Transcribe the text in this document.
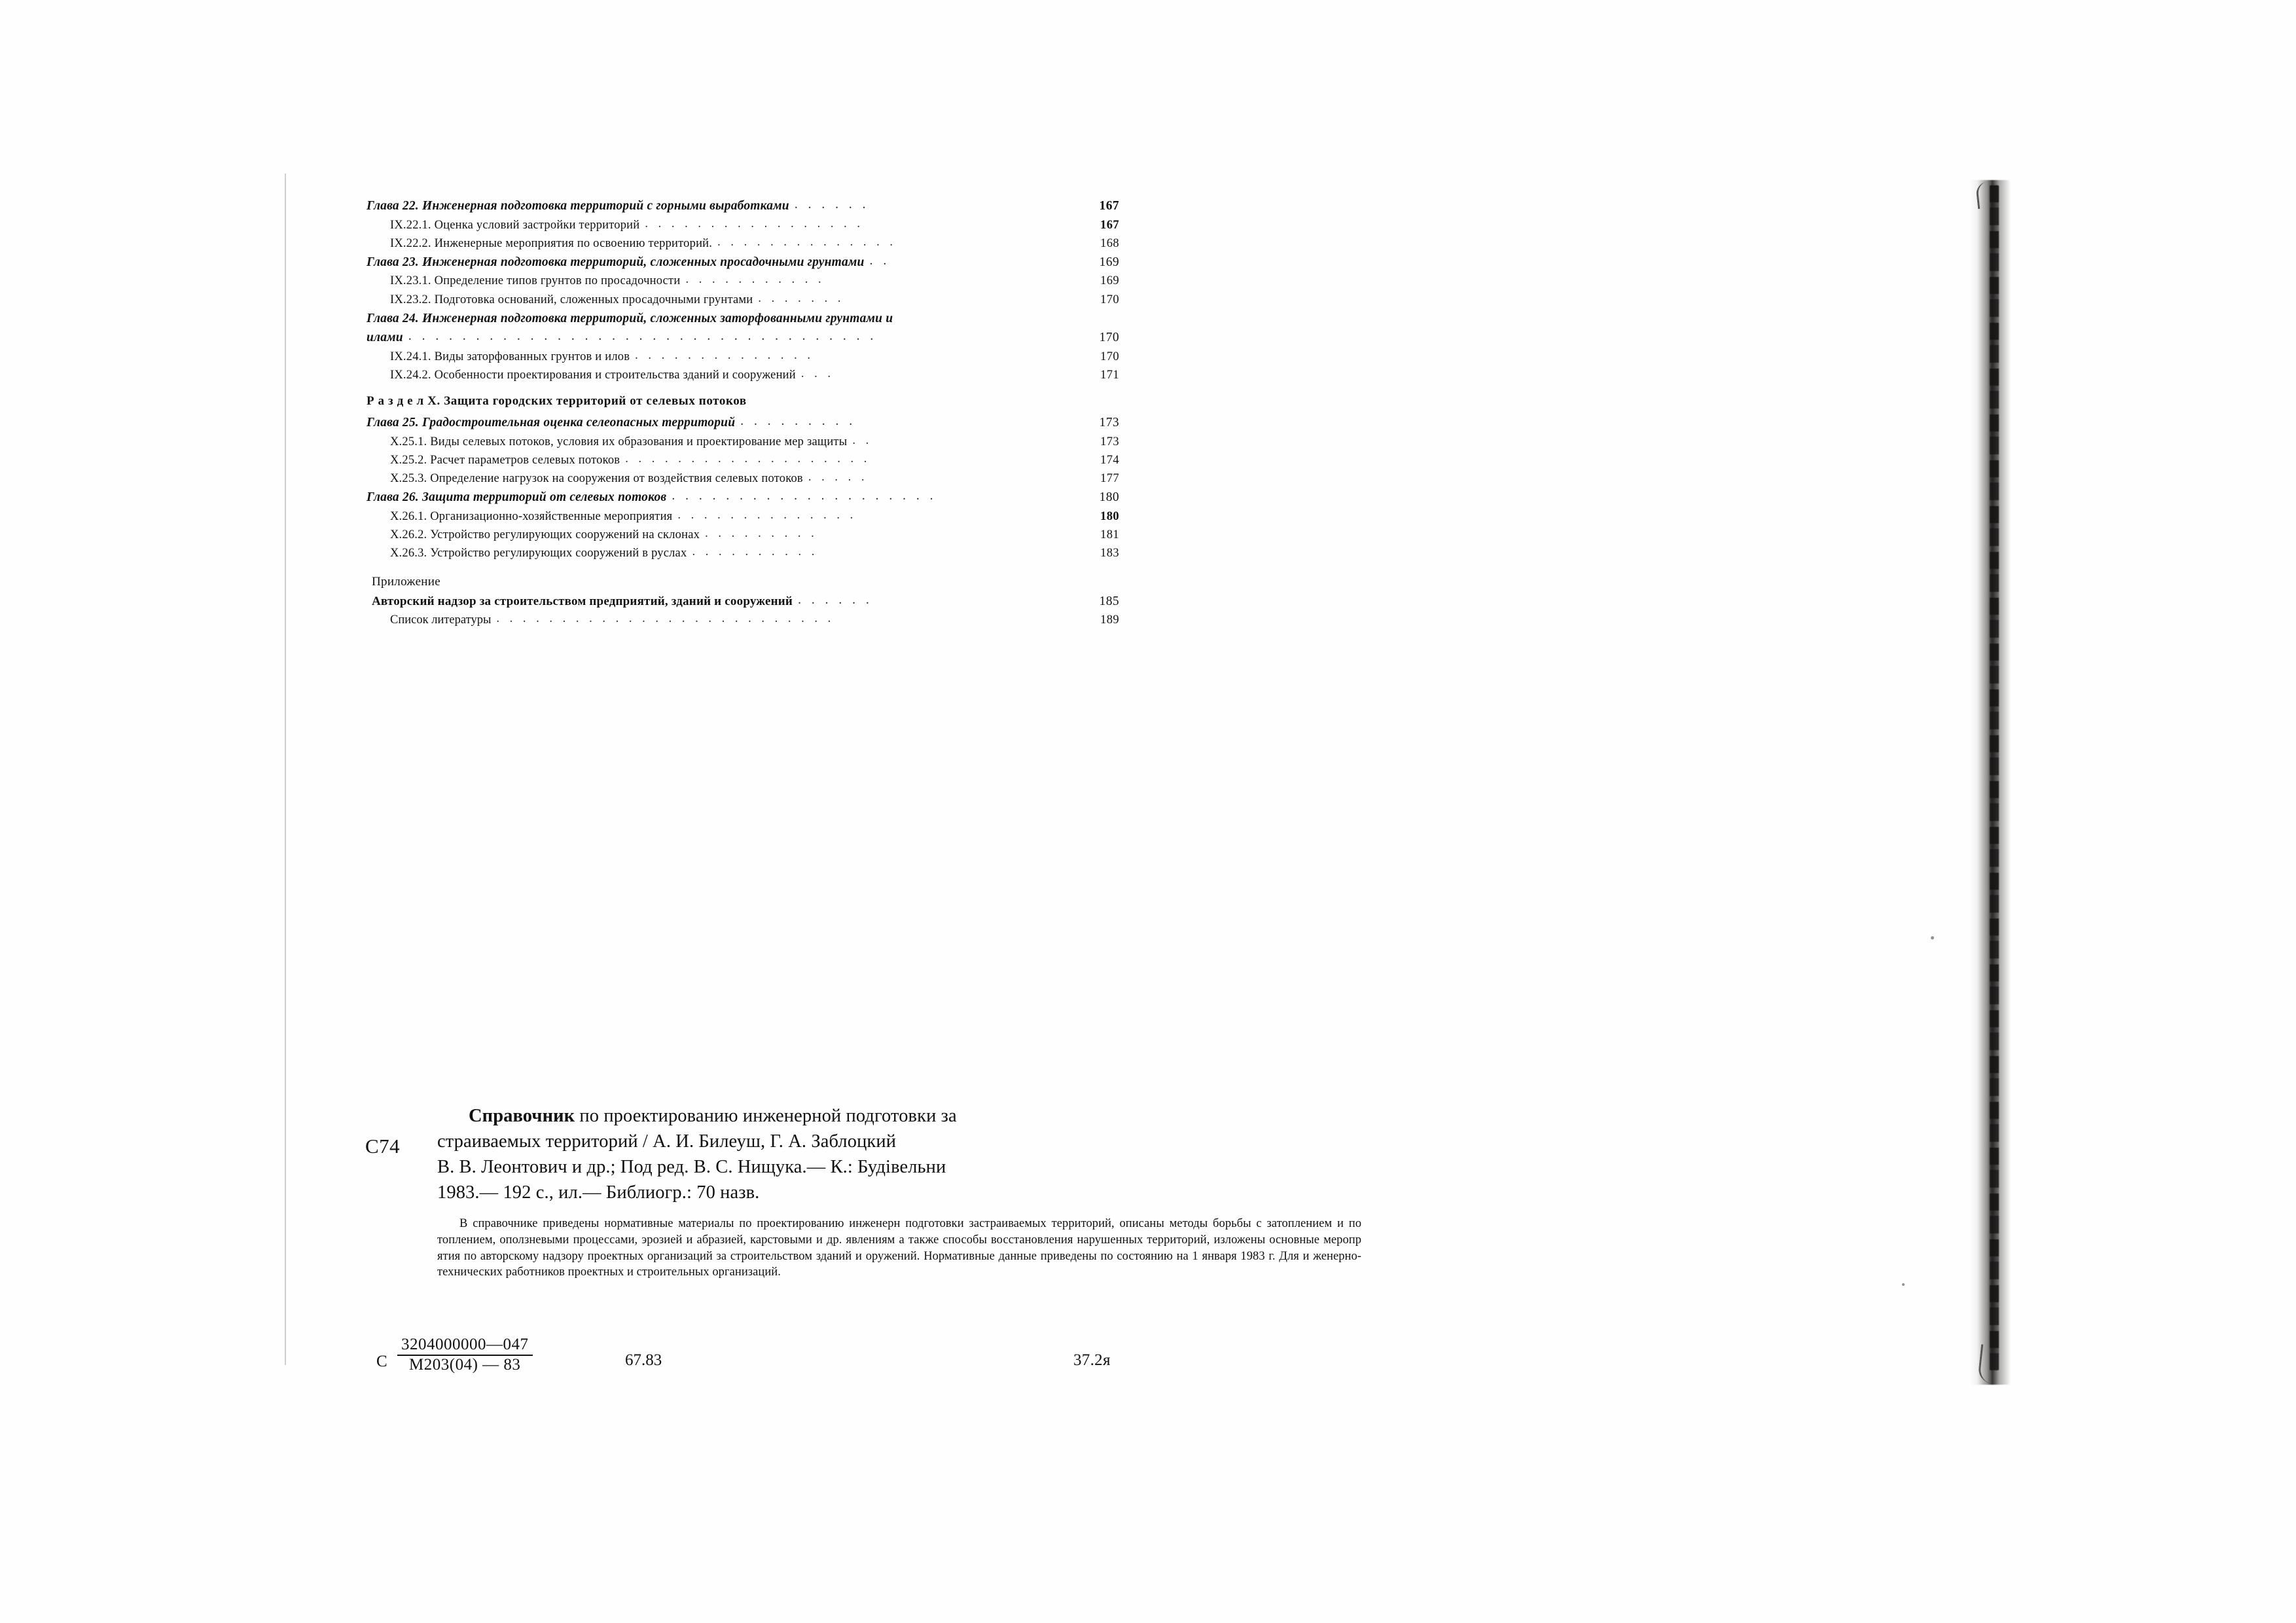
Глава 22. Инженерная подготовка территорий с горными выработками . . . . . .	167
IX.22.1. Оценка условий застройки территорий . . . . . . . . . . . . . . . . .	167
IX.22.2. Инженерные мероприятия по освоению территорий. . . . . . . . . . . . . . .	168
Глава 23. Инженерная подготовка территорий, сложенных просадочными грунтами . .	169
IX.23.1. Определение типов грунтов по просадочности . . . . . . . . . . .	169
IX.23.2. Подготовка оснований, сложенных просадочными грунтами . . . . . . .	170
Глава 24. Инженерная подготовка территорий, сложенных заторфованными грунтами и
илами . . . . . . . . . . . . . . . . . . . . . . . . . . . . . . . . . . .	170
IX.24.1. Виды заторфованных грунтов и илов . . . . . . . . . . . . . .	170
IX.24.2. Особенности проектирования и строительства зданий и сооружений . . .	171
Р а з д е л X. Защита городских территорий от селевых потоков
Глава 25. Градостроительная оценка селеопасных территорий . . . . . . . . .	173
X.25.1. Виды селевых потоков, условия их образования и проектирование мер защиты . .	173
X.25.2. Расчет параметров селевых потоков . . . . . . . . . . . . . . . . . . .	174
X.25.3. Определение нагрузок на сооружения от воздействия селевых потоков . . . . .	177
Глава 26. Защита территорий от селевых потоков . . . . . . . . . . . . . . . . . . . .	180
X.26.1. Организационно-хозяйственные мероприятия . . . . . . . . . . . . . .	180
X.26.2. Устройство регулирующих сооружений на склонах . . . . . . . . .	181
X.26.3. Устройство регулирующих сооружений в руслах . . . . . . . . . .	183
Приложение
Авторский надзор за строительством предприятий, зданий и сооружений . . . . . .	185
Список литературы . . . . . . . . . . . . . . . . . . . . . . . . . .	189
С74
Справочник по проектированию инженерной подготовки за
страиваемых территорий / А. И. Билеуш, Г. А. Заблоцкий
В. В. Леонтович и др.; Под ред. В. С. Нищука.— К.: Будівельни
1983.— 192 с., ил.— Библиогр.: 70 назв.
В справочнике приведены нормативные материалы по проектированию инженерн подготовки застраиваемых территорий, описаны методы борьбы с затоплением и по топлением, оползневыми процессами, эрозией и абразией, карстовыми и др. явлениям а также способы восстановления нарушенных территорий, изложены основные меропр ятия по авторскому надзору проектных организаций за строительством зданий и оружений. Нормативные данные приведены по состоянию на 1 января 1983 г. Для и женерно-технических работников проектных и строительных организаций.
С
3204000000—047
М203(04) — 83	67.83	37.2я
